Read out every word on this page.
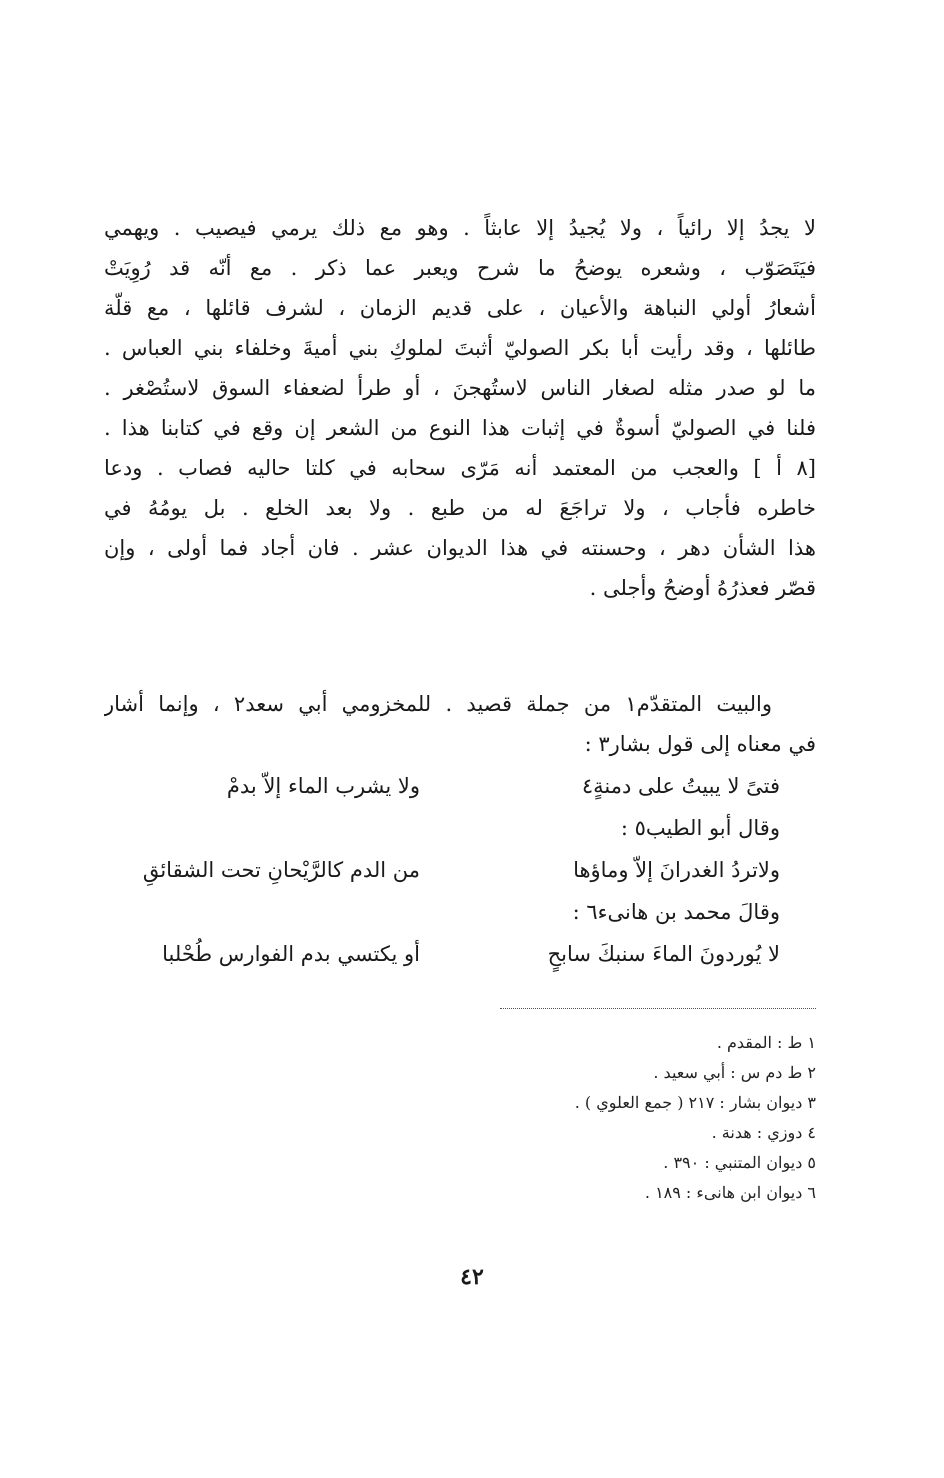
لا يجدُ إلا رائياً ، ولا يُجيدُ إلا عابثاً . وهو مع ذلك يرمي فيصيب . ويهمي
فيَتَصَوّب ، وشعره يوضحُ ما شرح ويعبر عما ذكر . مع أنّه قد رُوِيَتْ
أشعارُ أولي النباهة والأعيان ، على قديم الزمان ، لشرف قائلها ، مع قلّة
طائلها ، وقد رأيت أبا بكر الصوليّ أثبتَ لملوكِ بني أميةَ وخلفاء بني العباس .
ما لو صدر مثله لصغار الناس لاستُهجنَ ، أو طرأ لضعفاء السوق لاستُصْغر .
فلنا في الصوليّ أسوةٌ في إثبات هذا النوع من الشعر إن وقع في كتابنا هذا .
[٨ أ ] والعجب من المعتمد أنه مَرّى سحابه في كلتا حاليه فصاب . ودعا
خاطره فأجاب ، ولا تراجَعَ له من طبع . ولا بعد الخلع . بل يومُهُ في
هذا الشأن دهر ، وحسنته في هذا الديوان عشر . فان أجاد فما أولى ، وإن
قصّر فعذرُهُ أوضحُ وأجلى .
والبيت المتقدّم١ من جملة قصيد . للمخزومي أبي سعد٢ ، وإنما أشار
في معناه إلى قول بشار٣ :
فتىً لا يبيتُ على دمنةٍ٤
ولا يشرب الماء إلاّ بدمْ
وقال أبو الطيب٥ :
ولاتردُ الغدرانَ إلاّ وماؤها
من الدم كالرَّيْحانِ تحت الشقائقِ
وقالَ محمد بن هانىء٦ :
لا يُوردونَ الماءَ سنبكَ سابحٍ
أو يكتسي بدم الفوارس طُحْلبا
١ ط : المقدم .
٢ ط دم س : أبي سعيد .
٣ ديوان بشار : ٢١٧ ( جمع العلوي ) .
٤ دوزي : هدنة .
٥ ديوان المتنبي : ٣٩٠ .
٦ ديوان ابن هانىء : ١٨٩ .
٤٢
